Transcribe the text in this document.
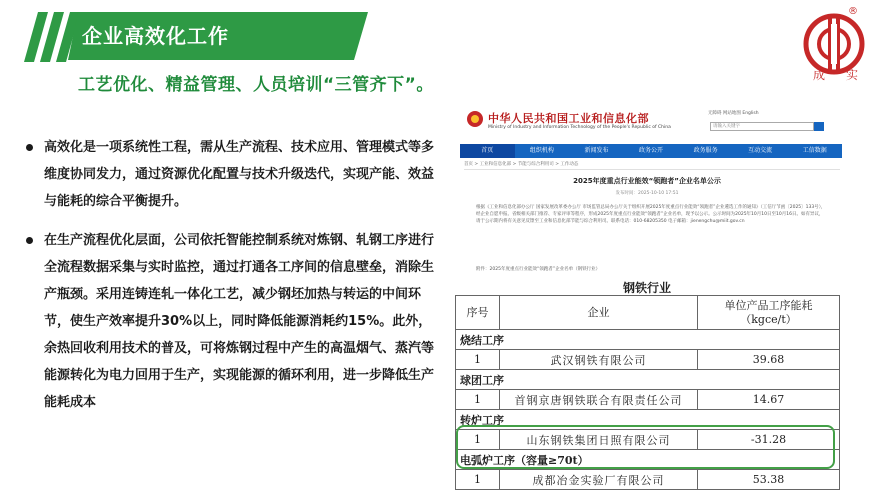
企业高效化工作
工艺优化、精益管理、人员培训“三管齐下”。
®
成 实

高效化是一项系统性工程，需从生产流程、技术应用、管理模式等多维度协同发力，通过资源优化配置与技术升级迭代，实现产能、效益与能耗的综合平衡提升。

在生产流程优化层面，公司依托智能控制系统对炼钢、轧钢工序进行全流程数据采集与实时监控，通过打通各工序间的信息壁垒，消除生产瓶颈。采用连铸连轧一体化工艺，减少钢坯加热与转运的中间环节，使生产效率提升30%以上，同时降低能源消耗约15%。此外，余热回收利用技术的普及，可将炼钢过程中产生的高温烟气、蒸汽等能源转化为电力回用于生产，实现能源的循环利用，进一步降低生产能耗成本

中华人民共和国工业和信息化部
Ministry of Industry and Information Technology of the People's Republic of China
无障碍 网站地图 English
请输入关键字
首页	组织机构	新闻发布	政务公开	政务服务	互动交流	工信数据
首页 > 工业和信息化部 > 节能与综合利用司 > 工作动态
2025年度重点行业能效“领跑者”企业名单公示
发布时间：2025-10-10 17:51
根据《工业和信息化部办公厅 国家发展改革委办公厅 市场监管总局办公厅关于组织开展2025年度重点行业能效“领跑者”企业遴选工作的通知》（工信厅节函〔2025〕133号），经企业自愿申报、省级相关部门推荐、专家评审等程序，形成2025年度重点行业能效“领跑者”企业名单，现予以公示。公示时间为2025年10月10日至10月16日。如有异议，请于公示期内将有关意见反馈至工业和信息化部节能与综合利用司。联系电话：010-68205350 电子邮箱：jienengchu@miit.gov.cn
附件：2025年度重点行业能效“领跑者”企业名单（钢铁行业）
钢铁行业
序号	企业	单位产品工序能耗（kgce/t）
烧结工序		
1	武汉钢铁有限公司	39.68
球团工序		
1	首钢京唐钢铁联合有限责任公司	14.67
转炉工序		
1	山东钢铁集团日照有限公司	-31.28
电弧炉工序（容量≥70t）		
1	成都冶金实验厂有限公司	53.38
